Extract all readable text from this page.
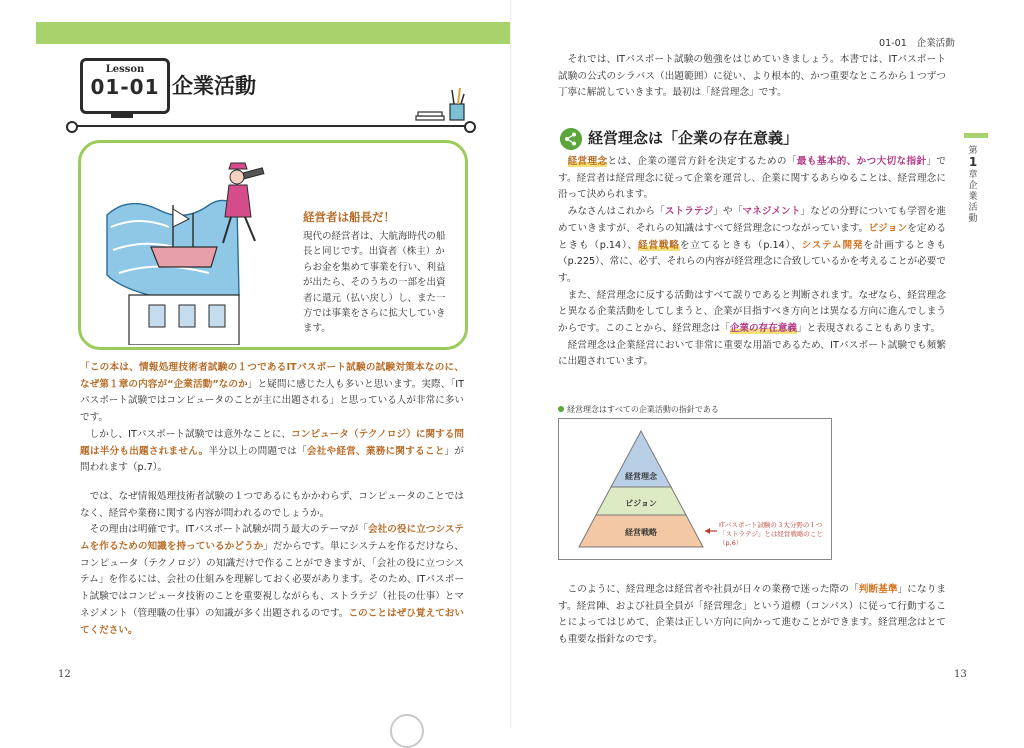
Lesson
01-01 企業活動
経営者は船長だ！
現代の経営者は、大航海時代の船長と同じです。出資者（株主）からお金を集めて事業を行い、利益が出たら、そのうちの一部を出資者に還元（払い戻し）し、また一方では事業をさらに拡大していきます。

「この本は、情報処理技術者試験の１つであるITパスポート試験の試験対策本なのに、なぜ第１章の内容が“企業活動”なのか」と疑問に感じた人も多いと思います。実際、「ITパスポート試験ではコンピュータのことが主に出題される」と思っている人が非常に多いです。

しかし、ITパスポート試験では意外なことに、コンピュータ（テクノロジ）に関する問題は半分も出題されません。半分以上の問題では「会社や経営、業務に関すること」が問われます（p.7）。

では、なぜ情報処理技術者試験の１つであるにもかかわらず、コンピュータのことではなく、経営や業務に関する内容が問われるのでしょうか。

その理由は明確です。ITパスポート試験が問う最大のテーマが「会社の役に立つシステムを作るための知識を持っているかどうか」だからです。単にシステムを作るだけなら、コンピュータ（テクノロジ）の知識だけで作ることができますが、「会社の役に立つシステム」を作るには、会社の仕組みを理解しておく必要があります。そのため、ITパスポート試験ではコンピュータ技術のことを重要視しながらも、ストラテジ（社長の仕事）とマネジメント（管理職の仕事）の知識が多く出題されるのです。このことはぜひ覚えておいてください。

12
01-01　企業活動
第
1
章　企業活動

それでは、ITパスポート試験の勉強をはじめていきましょう。本書では、ITパスポート試験の公式のシラバス（出題範囲）に従い、より根本的、かつ重要なところから１つずつ丁寧に解説していきます。最初は「経営理念」です。

経営理念は「企業の存在意義」

経営理念とは、企業の運営方針を決定するための「最も基本的、かつ大切な指針」です。経営者は経営理念に従って企業を運営し、企業に関するあらゆることは、経営理念に沿って決められます。

みなさんはこれから「ストラテジ」や「マネジメント」などの分野についても学習を進めていきますが、それらの知識はすべて経営理念につながっています。ビジョンを定めるときも（p.14）、経営戦略を立てるときも（p.14）、システム開発を計画するときも（p.225）、常に、必ず、それらの内容が経営理念に合致しているかを考えることが必要です。

また、経営理念に反する活動はすべて誤りであると判断されます。なぜなら、経営理念と異なる企業活動をしてしまうと、企業が目指すべき方向とは異なる方向に進んでしまうからです。このことから、経営理念は「企業の存在意義」と表現されることもあります。

経営理念は企業経営において非常に重要な用語であるため、ITパスポート試験でも頻繁に出題されています。

経営理念はすべての企業活動の指針である
経営理念
ビジョン
経営戦略
ITパスポート試験の３大分野の１つ「ストラテジ」とは経営戦略のこと（p.6）

このように、経営理念は経営者や社員が日々の業務で迷った際の「判断基準」になります。経営陣、および社員全員が「経営理念」という道標（コンパス）に従って行動することによってはじめて、企業は正しい方向に向かって進むことができます。経営理念はとても重要な指針なのです。

13
